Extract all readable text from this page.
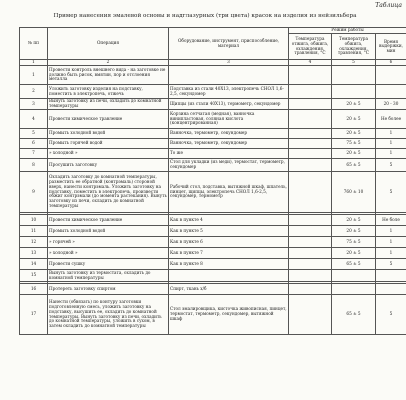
Таблица
Пример нанесения эмалевой основы и надглазурных (три цвета) красок на изделия из нейзильбера
№ пп	Операция	Оборудование, инструмент, приспособление, материал	Режим работы		
			Температура отжига, обжига, охлаждения, травления, °С	Температура обжига, охлаждения, травления, °С	Время выдержки, мин
1	2	3	4	5	6
1	Провести контроль внешнего вида - на заготовке не должно быть рисок, вмятин, пор и отслоения металла				
2	Уложить заготовку изделия на подставку, поместить в электропечь, отжечь	Подставка из стали 40Х13, электропечь СНОЛ 1,6-2,5, секундомер			
3	Вынуть заготовку из печи, охладить до комнатной температуры	Щипцы (из стали 40Х13), термометр, секундомер		20 ± 5	20 - 30
4	Провести химическое травление	Корзина сетчатая (медная), ванночка винипластовая, соляная кислота (концентрированная)		20 ± 5	Не более
5	Промыть холодной водой	Ванночка, термометр, секундомер		20 ± 5	1
6	Промыть горячей водой	Ванночка, термометр, секундомер		75 ± 5	1
7	» холодной »	То же		20 ± 5	1
8	Просушить заготовку	Стол для укладки (из меди), термостат, термометр, секундомер		65 ± 5	5
9	Охладить заготовку до комнатной температуры, разместить ее обратной (контрэмаль) стороной вверх, нанести контрэмаль. Уложить заготовку на подставку, поместить в электропечь, произвести обжиг контрэмали (до момента растекания). Вынуть заготовку из печи, охладить до комнатной температуры	Рабочий стол, подставка, вытяжной шкаф, шпатель, пинцет, щипцы, электропечь СНОЛ 1,6-2,5, секундомер, термометр		760 ± 10	5

10	Провести химическое травление	Как в пункте 4		20 ± 5	Не боле
11	Промыть холодной водой	Как в пункте 5		20 ± 5	1
12	» горячей »	Как в пункте 6		75 ± 5	1
13	» холодной »	Как в пункте 7		20 ± 5	1
14	Провести сушку	Как в пункте 8		65 ± 5	5
15	Вынуть заготовку из термостата, охладить до комнатной температуры				

16	Протереть заготовку спиртом	Спирт, ткань х/б			
17	Нанести (обвязать) по контуру заготовки подготовленную смесь, уложить заготовку на подставку, высушить ее, охладить до комнатной температуры. Вынуть заготовку из печи, охладить до комнатной температуры, уложить в сухом, в затем охладить до комнатной температуры	Стол эмалировщика, кисточка живописная, пинцет, термостат, термометр, секундомер, вытяжной шкаф		65 ± 5	5
